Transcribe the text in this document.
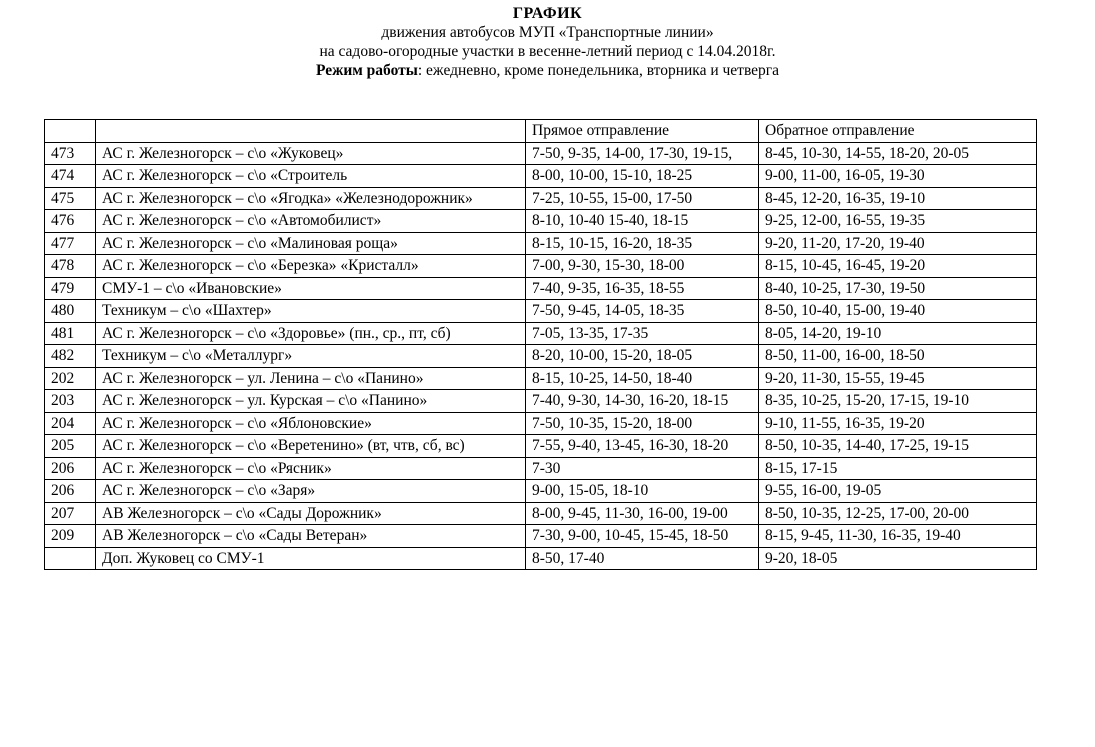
ГРАФИК
движения автобусов МУП «Транспортные линии»
на садово-огородные участки в весенне-летний период с 14.04.2018г.
Режим работы: ежедневно, кроме понедельника, вторника и четверга
		Прямое отправление	Обратное отправление
473	АС г. Железногорск – с\о «Жуковец»	7-50, 9-35, 14-00, 17-30, 19-15,	8-45, 10-30, 14-55, 18-20, 20-05
474	АС г. Железногорск – с\о «Строитель	8-00, 10-00, 15-10, 18-25	9-00, 11-00, 16-05, 19-30
475	АС г. Железногорск – с\о «Ягодка» «Железнодорожник»	7-25, 10-55, 15-00, 17-50	8-45, 12-20, 16-35, 19-10
476	АС г. Железногорск – с\о «Автомобилист»	8-10, 10-40 15-40, 18-15	9-25, 12-00, 16-55, 19-35
477	АС г. Железногорск – с\о «Малиновая роща»	8-15, 10-15, 16-20, 18-35	9-20, 11-20, 17-20, 19-40
478	АС г. Железногорск – с\о «Березка» «Кристалл»	7-00, 9-30, 15-30, 18-00	8-15, 10-45, 16-45, 19-20
479	СМУ-1 – с\о «Ивановские»	7-40, 9-35, 16-35, 18-55	8-40, 10-25, 17-30, 19-50
480	Техникум – с\о «Шахтер»	7-50, 9-45, 14-05, 18-35	8-50, 10-40, 15-00, 19-40
481	АС г. Железногорск – с\о «Здоровье» (пн., ср., пт, сб)	7-05, 13-35, 17-35	8-05, 14-20, 19-10
482	Техникум – с\о «Металлург»	8-20, 10-00, 15-20, 18-05	8-50, 11-00, 16-00, 18-50
202	АС г. Железногорск – ул. Ленина – с\о «Панино»	8-15, 10-25, 14-50, 18-40	9-20, 11-30, 15-55, 19-45
203	АС г. Железногорск – ул. Курская – с\о «Панино»	7-40, 9-30, 14-30, 16-20, 18-15	8-35, 10-25, 15-20, 17-15, 19-10
204	АС г. Железногорск – с\о «Яблоновские»	7-50, 10-35, 15-20, 18-00	9-10, 11-55, 16-35, 19-20
205	АС г. Железногорск – с\о «Веретенино» (вт, чтв, сб, вс)	7-55, 9-40, 13-45, 16-30, 18-20	8-50, 10-35, 14-40, 17-25, 19-15
206	АС г. Железногорск – с\о «Рясник»	7-30	8-15, 17-15
206	АС г. Железногорск – с\о «Заря»	9-00, 15-05, 18-10	9-55, 16-00, 19-05
207	АВ Железногорск – с\о «Сады Дорожник»	8-00, 9-45, 11-30, 16-00, 19-00	8-50, 10-35, 12-25, 17-00, 20-00
209	АВ Железногорск – с\о «Сады Ветеран»	7-30, 9-00, 10-45, 15-45, 18-50	8-15, 9-45, 11-30, 16-35, 19-40
	Доп. Жуковец со СМУ-1	8-50, 17-40	9-20, 18-05
